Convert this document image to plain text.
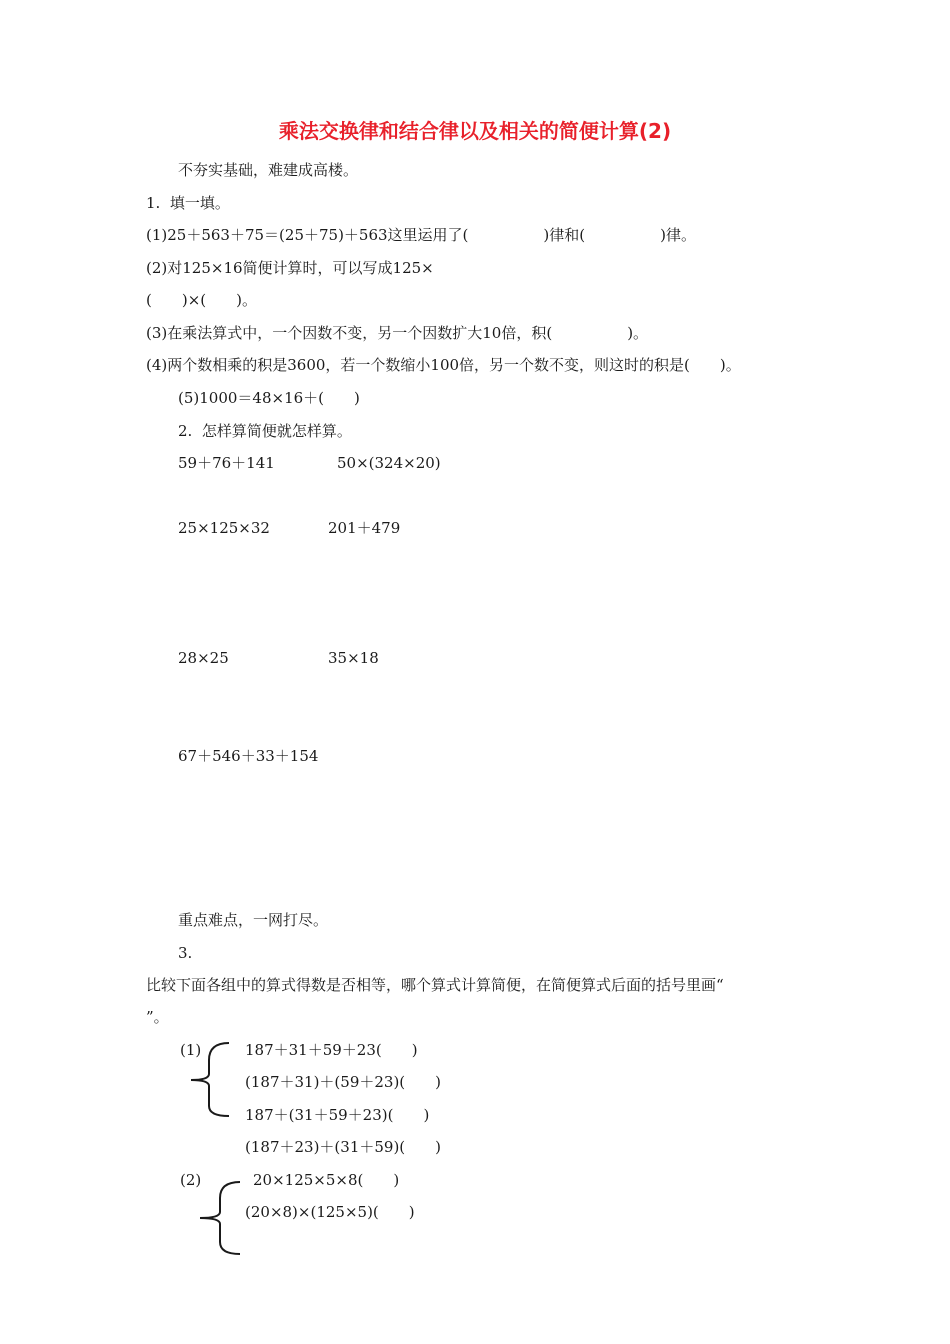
乘法交换律和结合律以及相关的简便计算(2)
不夯实基础，难建成高楼。
1.  填一填。
(1)25＋563＋75＝(25＋75)＋563这里运用了(　　　　　)律和(　　　　　)律。
(2)对125×16简便计算时，可以写成125×
(　　)×(　　)。
(3)在乘法算式中，一个因数不变，另一个因数扩大10倍，积(　　　　　)。
(4)两个数相乘的积是3600，若一个数缩小100倍，另一个数不变，则这时的积是(　　)。
(5)1000＝48×16＋(　　)
2.  怎样算简便就怎样算。
59＋76＋141	50×(324×20)
25×125×32	201＋479
28×25	35×18
67＋546＋33＋154
重点难点，一网打尽。
3.
比较下面各组中的算式得数是否相等，哪个算式计算简便，在简便算式后面的括号里画“
”。
(1)	187＋31＋59＋23(　　)
(187＋31)＋(59＋23)(　　)
187＋(31＋59＋23)(　　)
(187＋23)＋(31＋59)(　　)
(2)	20×125×5×8(　　)
(20×8)×(125×5)(　　)
